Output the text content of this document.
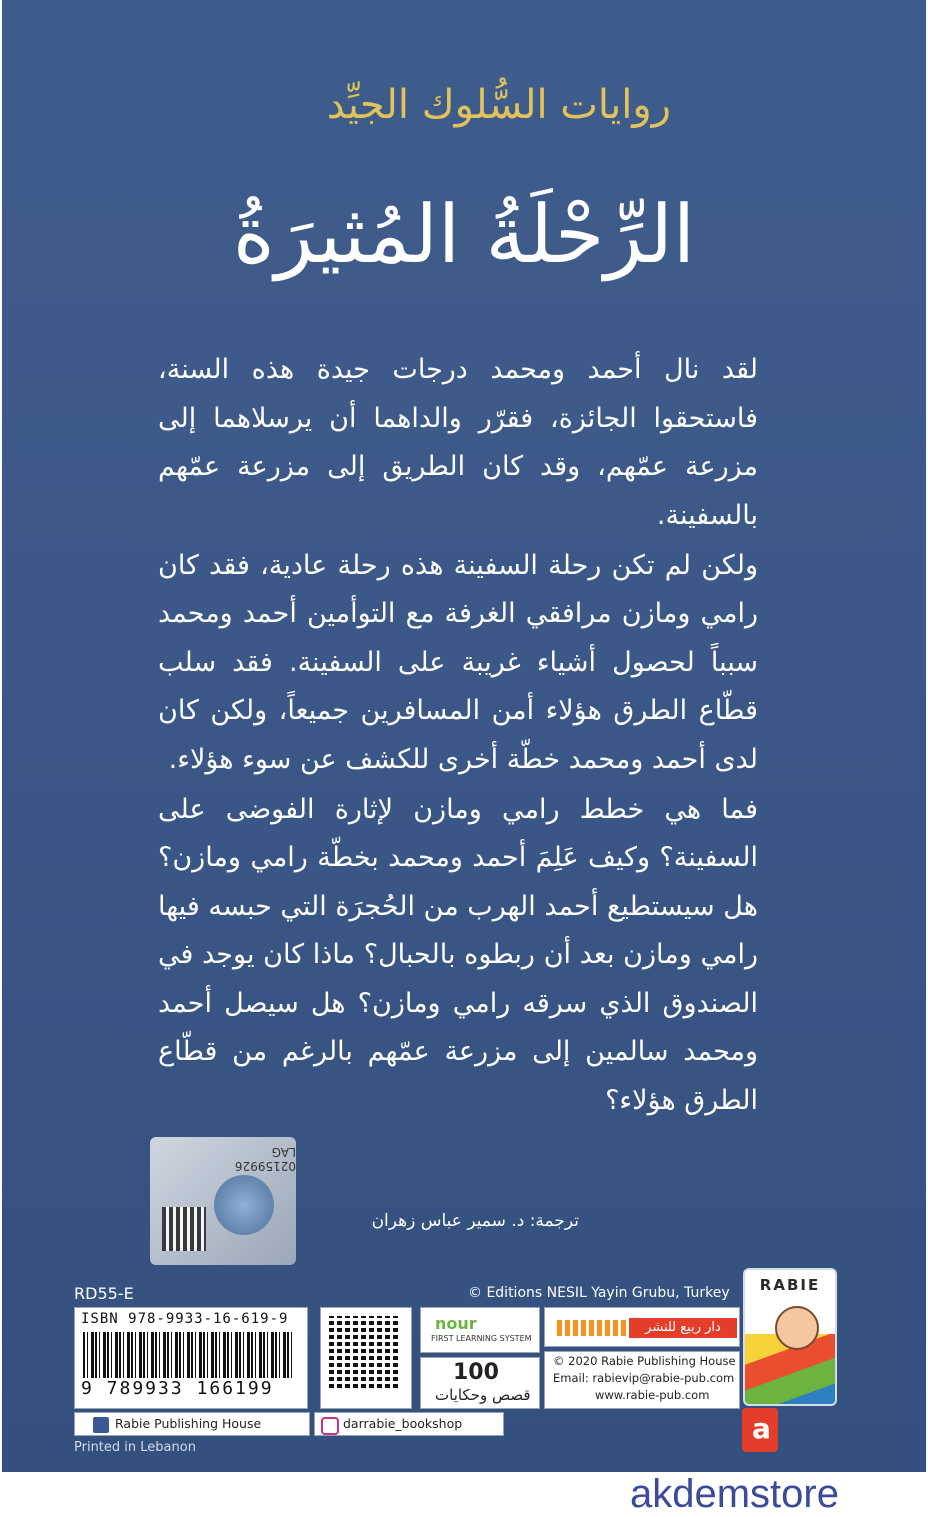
روايات السُّلوك الجيِّد
الرِّحْلَةُ المُثيرَةُ

لقد نال أحمد ومحمد درجات جيدة هذه السنة، فاستحقوا الجائزة، فقرّر والداهما أن يرسلاهما إلى مزرعة عمّهم، وقد كان الطريق إلى مزرعة عمّهم بالسفينة.

ولكن لم تكن رحلة السفينة هذه رحلة عادية، فقد كان رامي ومازن مرافقي الغرفة مع التوأمين أحمد ومحمد سبباً لحصول أشياء غريبة على السفينة. فقد سلب قطّاع الطرق هؤلاء أمن المسافرين جميعاً، ولكن كان لدى أحمد ومحمد خطّة أخرى للكشف عن سوء هؤلاء.

فما هي خطط رامي ومازن لإثارة الفوضى على السفينة؟ وكيف عَلِمَ أحمد ومحمد بخطّة رامي ومازن؟ هل سيستطيع أحمد الهرب من الحُجرَة التي حبسه فيها رامي ومازن بعد أن ربطوه بالحبال؟ ماذا كان يوجد في الصندوق الذي سرقه رامي ومازن؟ هل سيصل أحمد ومحمد سالمين إلى مزرعة عمّهم بالرغم من قطّاع الطرق هؤلاء؟

02159926 LAG
ترجمة: د. سمير عباس زهران
RD55-E	© Editions NESIL Yayin Grubu, Turkey
ISBN 978-9933-16-619-9
9 789933 166199
nour
FIRST LEARNING SYSTEM
100
قصص وحكايات
دار ربيع للنشر
© 2020 Rabie Publishing House
Email: rabievip@rabie-pub.com
www.rabie-pub.com
RABIE
Rabie Publishing House	darrabie_bookshop
Printed in Lebanon
a
akdemstore
